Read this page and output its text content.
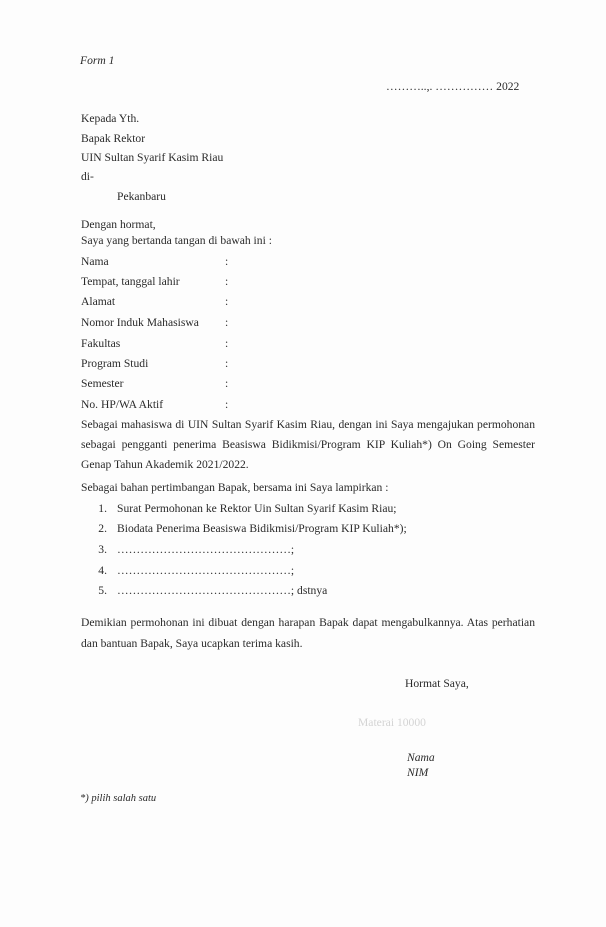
Form 1
………..,. …………… 2022
Kepada Yth.
Bapak Rektor
UIN Sultan Syarif Kasim Riau
di-
Pekanbaru
Dengan hormat,
Saya yang bertanda tangan di bawah ini :
Nama	:
Tempat, tanggal lahir	:
Alamat	:
Nomor Induk Mahasiswa :
Fakultas	:
Program Studi	:
Semester	:
No. HP/WA Aktif	:
Sebagai mahasiswa di UIN Sultan Syarif Kasim Riau, dengan ini Saya mengajukan permohonan sebagai pengganti penerima Beasiswa Bidikmisi/Program KIP Kuliah*) On Going Semester Genap Tahun Akademik 2021/2022.
Sebagai bahan pertimbangan Bapak, bersama ini Saya lampirkan :
1. Surat Permohonan ke Rektor Uin Sultan Syarif Kasim Riau;
2. Biodata Penerima Beasiswa Bidikmisi/Program KIP Kuliah*);
3. ………………………………………;
4. ………………………………………;
5. ………………………………………; dstnya
Demikian permohonan ini dibuat dengan harapan Bapak dapat mengabulkannya. Atas perhatian dan bantuan Bapak, Saya ucapkan terima kasih.
Hormat Saya,
Materai 10000
Nama
NIM
*) pilih salah satu
